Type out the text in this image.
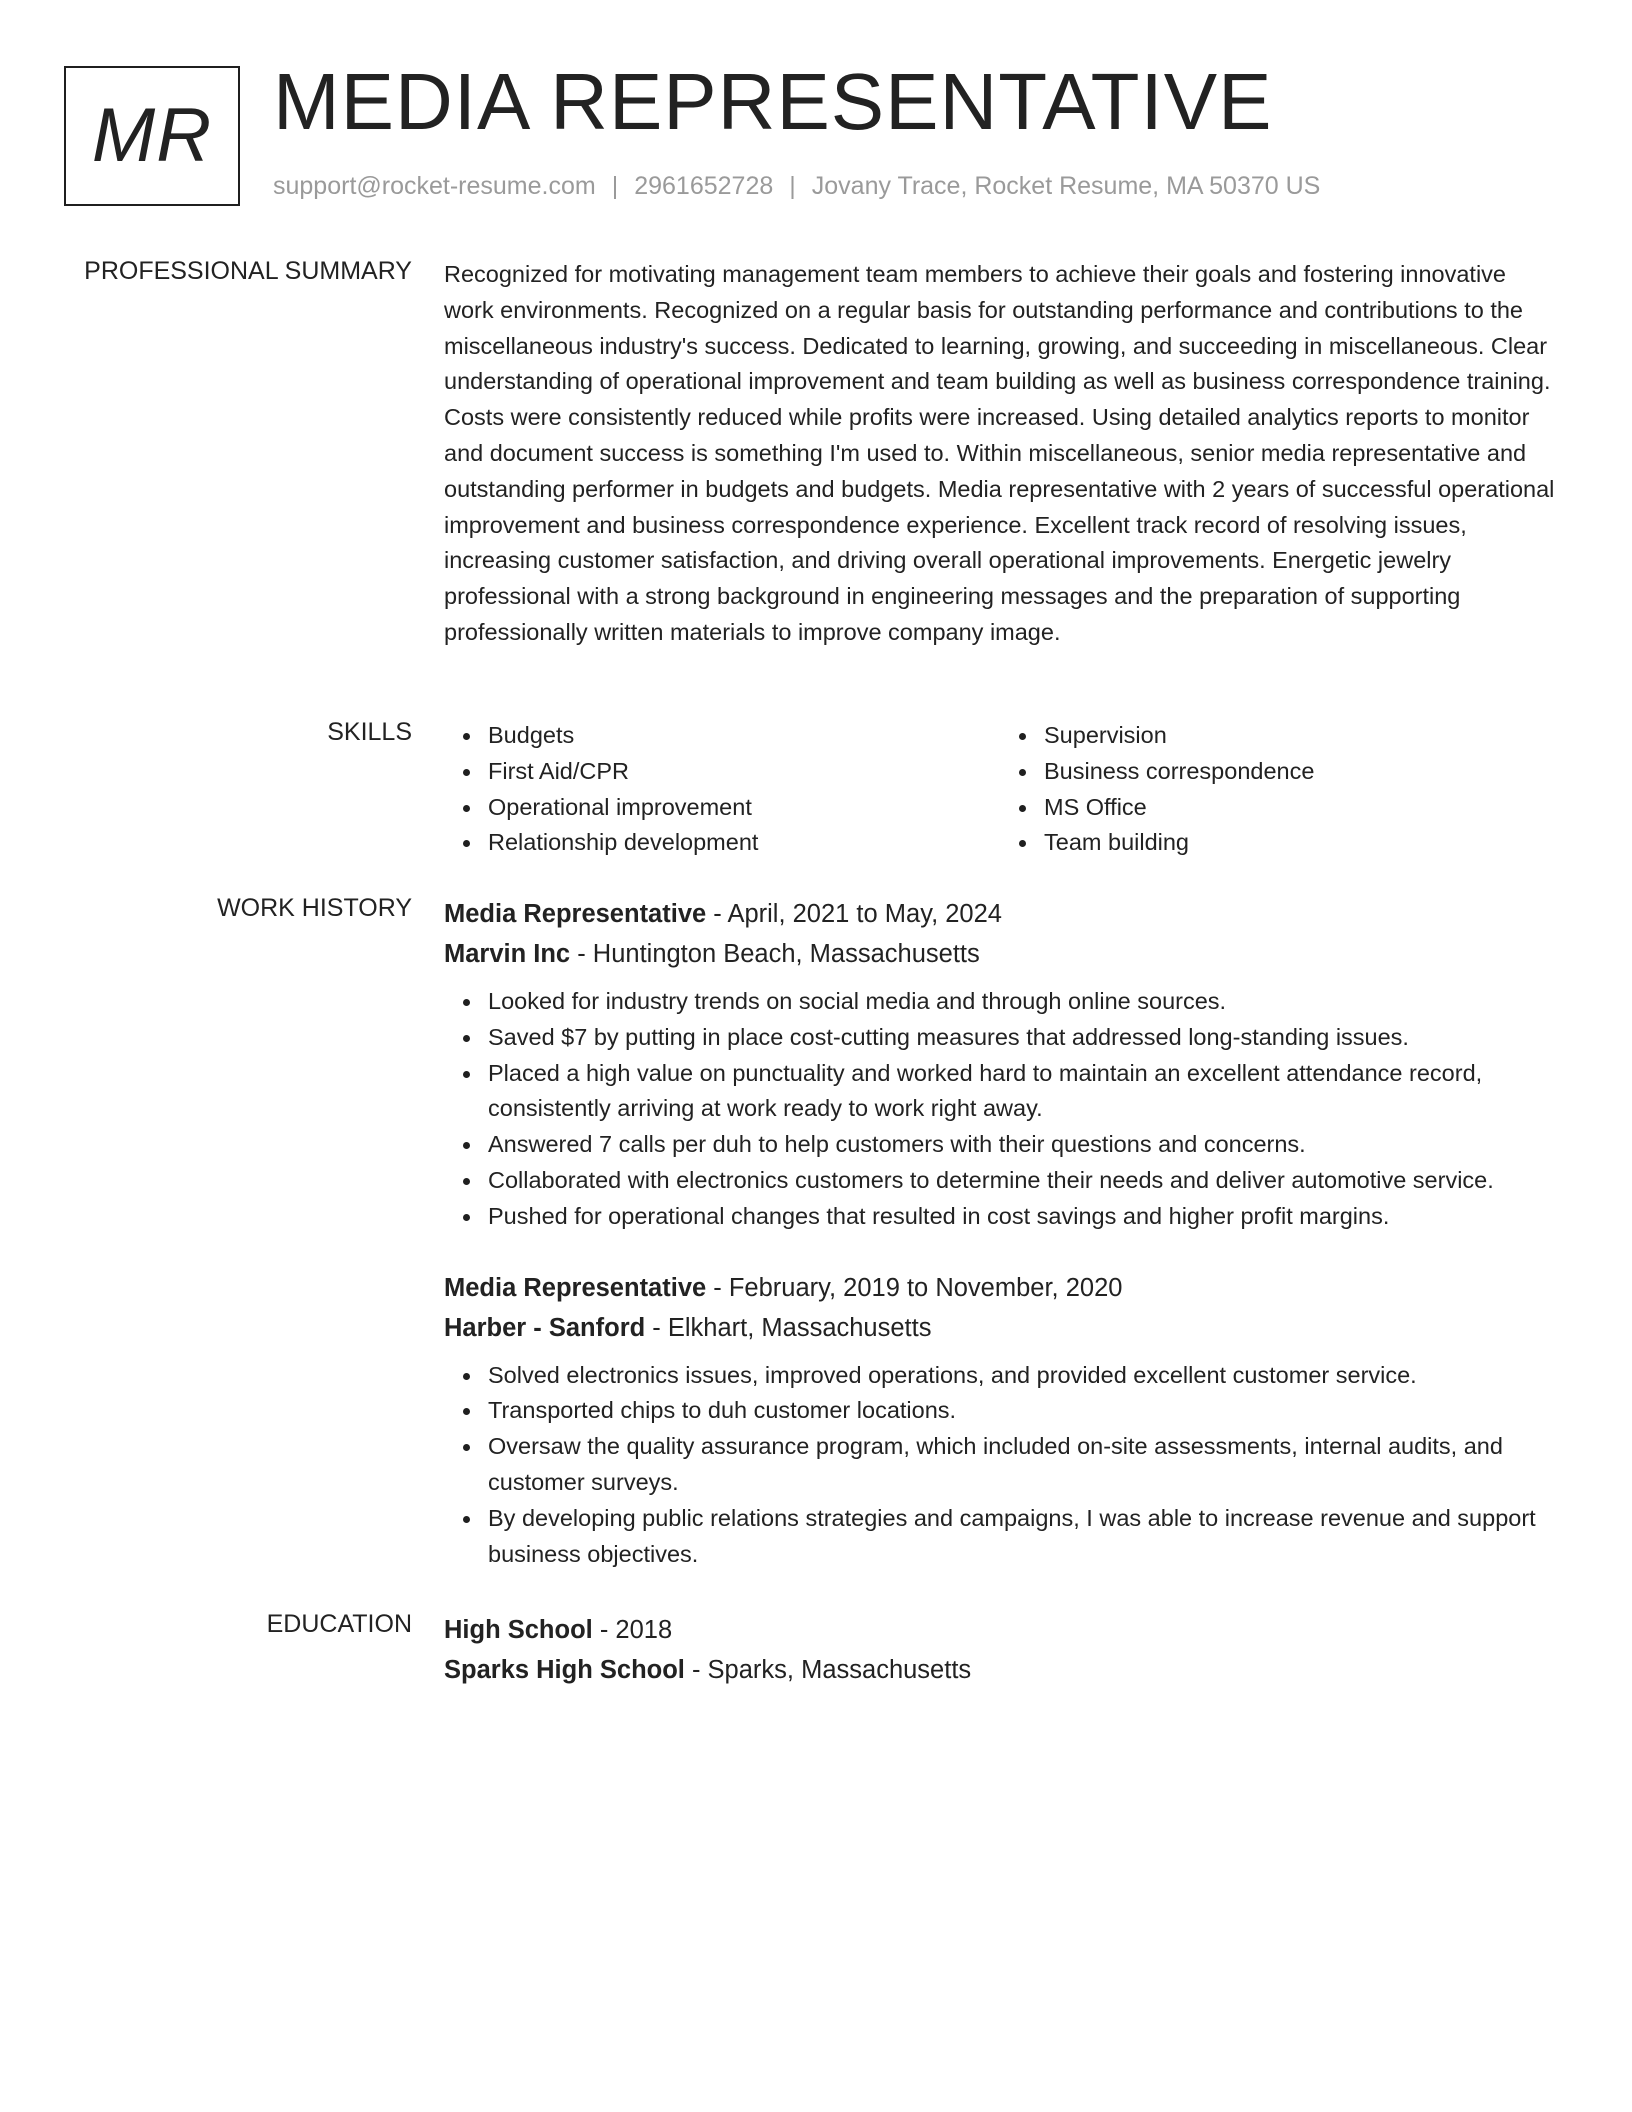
MR MEDIA REPRESENTATIVE
support@rocket-resume.com | 2961652728 | Jovany Trace, Rocket Resume, MA 50370 US
PROFESSIONAL SUMMARY Recognized for motivating management team members to achieve their goals and fostering innovative work environments. Recognized on a regular basis for outstanding performance and contributions to the miscellaneous industry's success. Dedicated to learning, growing, and succeeding in miscellaneous. Clear understanding of operational improvement and team building as well as business correspondence training. Costs were consistently reduced while profits were increased. Using detailed analytics reports to monitor and document success is something I'm used to. Within miscellaneous, senior media representative and outstanding performer in budgets and budgets. Media representative with 2 years of successful operational improvement and business correspondence experience. Excellent track record of resolving issues, increasing customer satisfaction, and driving overall operational improvements. Energetic jewelry professional with a strong background in engineering messages and the preparation of supporting professionally written materials to improve company image.

SKILLS	Budgets
First Aid/CPR
Operational improvement
Relationship development
Supervision
Business correspondence
MS Office
Team building
WORK HISTORY Media Representative - April, 2021 to May, 2024
Marvin Inc - Huntington Beach, Massachusetts
Looked for industry trends on social media and through online sources.
Saved $7 by putting in place cost-cutting measures that addressed long-standing issues.
Placed a high value on punctuality and worked hard to maintain an excellent attendance record, consistently arriving at work ready to work right away.
Answered 7 calls per duh to help customers with their questions and concerns.
Collaborated with electronics customers to determine their needs and deliver automotive service.
Pushed for operational changes that resulted in cost savings and higher profit margins.
Media Representative - February, 2019 to November, 2020
Harber - Sanford - Elkhart, Massachusetts
Solved electronics issues, improved operations, and provided excellent customer service.
Transported chips to duh customer locations.
Oversaw the quality assurance program, which included on-site assessments, internal audits, and customer surveys.
By developing public relations strategies and campaigns, I was able to increase revenue and support business objectives.
EDUCATION High School - 2018
Sparks High School - Sparks, Massachusetts
